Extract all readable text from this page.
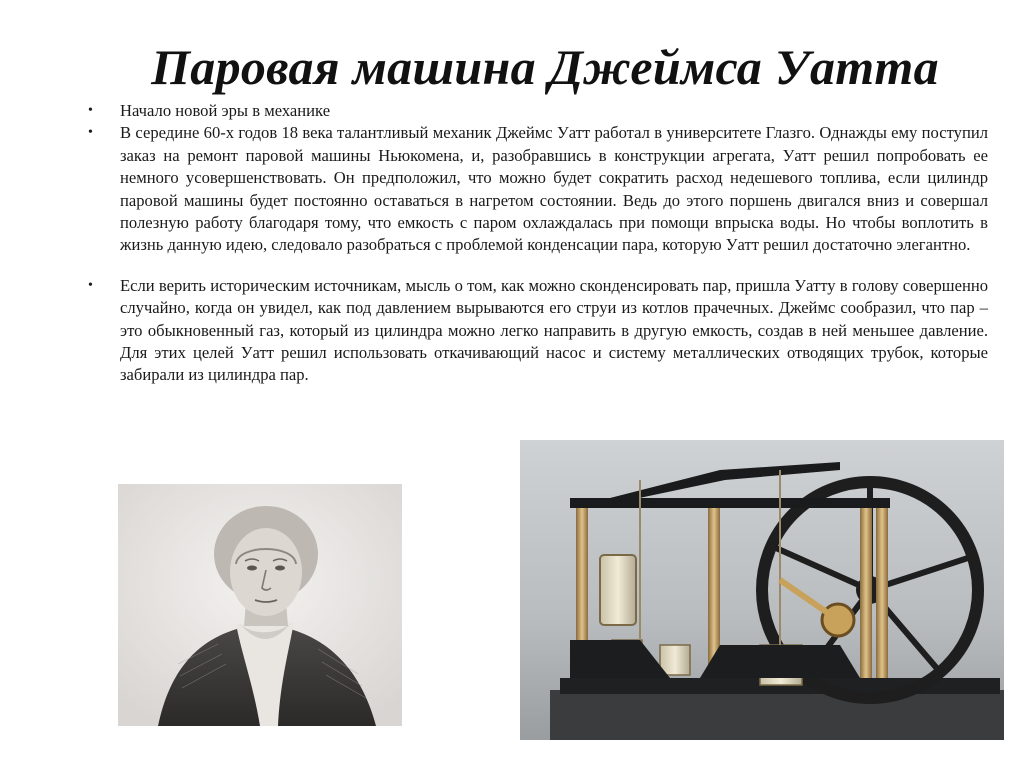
Паровая машина Джеймса Уатта
• Начало новой эры в механике
• В середине 60-х годов 18 века талантливый механик Джеймс Уатт работал в университете Глазго. Однажды ему поступил заказ на ремонт паровой машины Ньюкомена, и, разобравшись в конструкции агрегата, Уатт решил попробовать ее немного усовершенствовать. Он предположил, что можно будет сократить расход недешевого топлива, если цилиндр паровой машины будет постоянно оставаться в нагретом состоянии. Ведь до этого поршень двигался вниз и совершал полезную работу благодаря тому, что емкость с паром охлаждалась при помощи впрыска воды. Но чтобы воплотить в жизнь данную идею, следовало разобраться с проблемой конденсации пара, которую Уатт решил достаточно элегантно.
• Если верить историческим источникам, мысль о том, как можно сконденсировать пар, пришла Уатту в голову совершенно случайно, когда он увидел, как под давлением вырываются его струи из котлов прачечных. Джеймс сообразил, что пар – это обыкновенный газ, который из цилиндра можно легко направить в другую емкость, создав в ней меньшее давление. Для этих целей Уатт решил использовать откачивающий насос и систему металлических отводящих трубок, которые забирали из цилиндра пар.
